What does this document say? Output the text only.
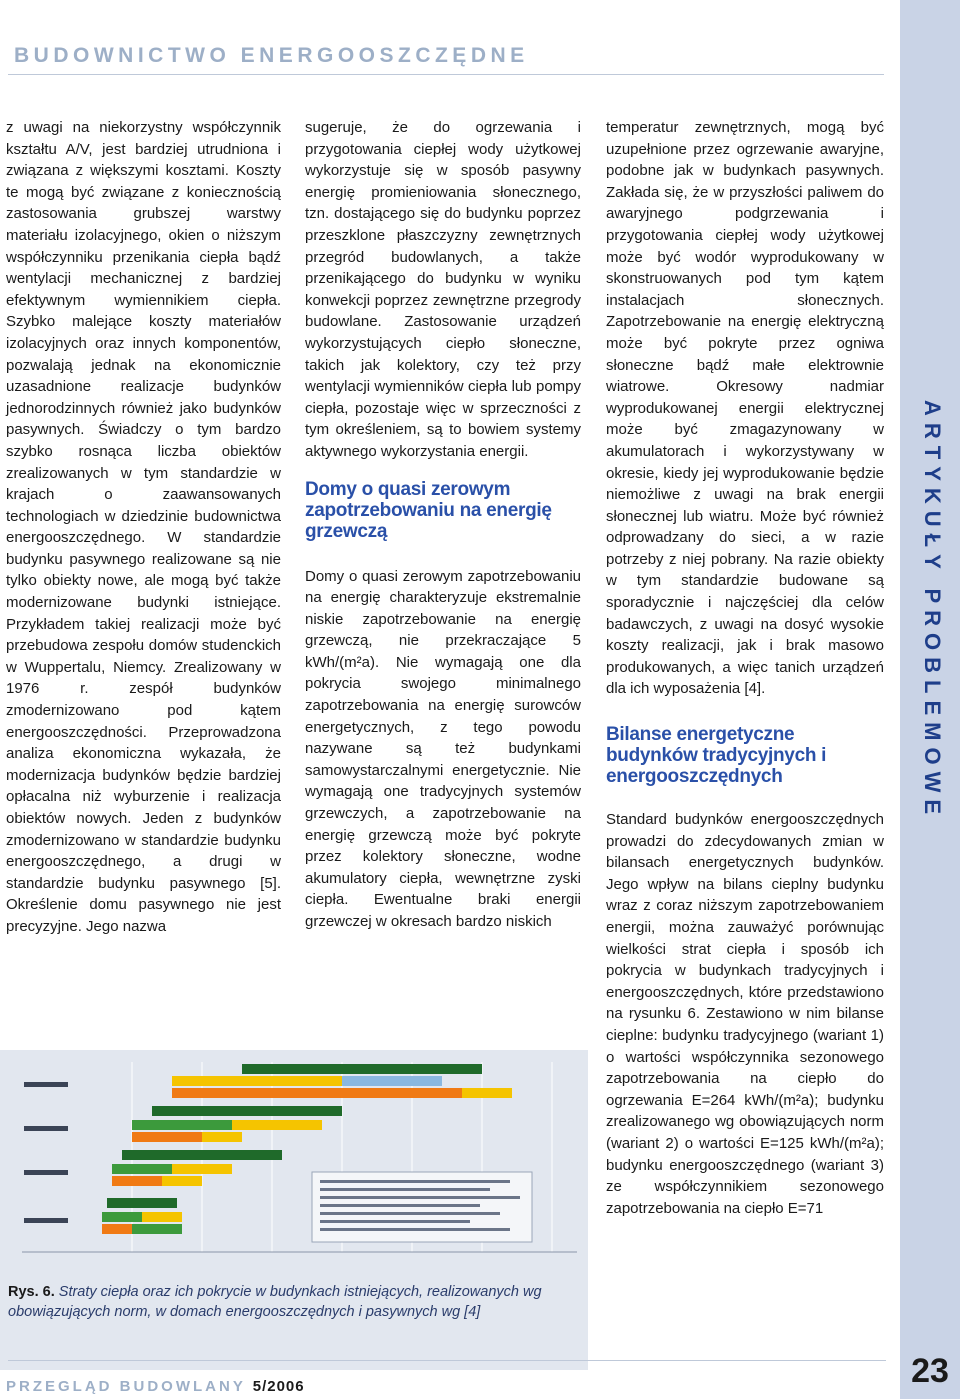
BUDOWNICTWO ENERGOOSZCZĘDNE
ARTYKUŁY PROBLEMOWE

z uwagi na niekorzystny współczynnik kształtu A/V, jest bardziej utrudniona i związana z większymi kosztami. Koszty te mogą być związane z koniecznością zastosowania grubszej warstwy materiału izolacyjnego, okien o niższym współczynniku przenikania ciepła bądź wentylacji mechanicznej z bardziej efektywnym wymiennikiem ciepła. Szybko malejące koszty materiałów izolacyjnych oraz innych komponentów, pozwalają jednak na ekonomicznie uzasadnione realizacje budynków jednorodzinnych również jako budynków pasywnych. Świadczy o tym bardzo szybko rosnąca liczba obiektów zrealizowanych w tym standardzie w krajach o zaawansowanych technologiach w dziedzinie budownictwa energooszczędnego. W standardzie budynku pasywnego realizowane są nie tylko obiekty nowe, ale mogą być także modernizowane budynki istniejące. Przykładem takiej realizacji może być przebudowa zespołu domów studenckich w Wuppertalu, Niemcy. Zrealizowany w 1976 r. zespół budynków zmodernizowano pod kątem energooszczędności. Przeprowadzona analiza ekonomiczna wykazała, że modernizacja budynków będzie bardziej opłacalna niż wyburzenie i realizacja obiektów nowych. Jeden z budynków zmodernizowano w standardzie budynku energooszczędnego, a drugi w standardzie budynku pasywnego [5]. Określenie domu pasywnego nie jest precyzyjne. Jego nazwa

sugeruje, że do ogrzewania i przygotowania ciepłej wody użytkowej wykorzystuje się w sposób pasywny energię promieniowania słonecznego, tzn. dostającego się do budynku poprzez przeszklone płaszczyzny zewnętrznych przegród budowlanych, a także przenikającego do budynku w wyniku konwekcji poprzez zewnętrzne przegrody budowlane. Zastosowanie urządzeń wykorzystujących ciepło słoneczne, takich jak kolektory, czy też przy wentylacji wymienników ciepła lub pompy ciepła, pozostaje więc w sprzeczności z tym określeniem, są to bowiem systemy aktywnego wykorzystania energii.

Domy o quasi zerowym zapotrzebowaniu na energię grzewczą

Domy o quasi zerowym zapotrzebowaniu na energię charakteryzuje ekstremalnie niskie zapotrzebowanie na energię grzewczą, nie przekraczające 5 kWh/(m²a). Nie wymagają one dla pokrycia swojego minimalnego zapotrzebowania na energię surowców energetycznych, z tego powodu nazywane są też budynkami samowystarczalnymi energetycznie. Nie wymagają one tradycyjnych systemów grzewczych, a zapotrzebowanie na energię grzewczą może być pokryte przez kolektory słoneczne, wodne akumulatory ciepła, wewnętrzne zyski ciepła. Ewentualne braki energii grzewczej w okresach bardzo niskich

temperatur zewnętrznych, mogą być uzupełnione przez ogrzewanie awaryjne, podobne jak w budynkach pasywnych. Zakłada się, że w przyszłości paliwem do awaryjnego podgrzewania i przygotowania ciepłej wody użytkowej może być wodór wyprodukowany w skonstruowanych pod tym kątem instalacjach słonecznych. Zapotrzebowanie na energię elektryczną może być pokryte przez ogniwa słoneczne bądź małe elektrownie wiatrowe. Okresowy nadmiar wyprodukowanej energii elektrycznej może być zmagazynowany w akumulatorach i wykorzystywany w okresie, kiedy jej wyprodukowanie będzie niemożliwe z uwagi na brak energii słonecznej lub wiatru. Może być również odprowadzany do sieci, a w razie potrzeby z niej pobrany. Na razie obiekty w tym standardzie budowane są sporadycznie i najczęściej dla celów badawczych, z uwagi na dosyć wysokie koszty realizacji, jak i brak masowo produkowanych, a więc tanich urządzeń dla ich wyposażenia [4].

Bilanse energetyczne budynków tradycyjnych i energooszczędnych

Standard budynków energooszczędnych prowadzi do zdecydowanych zmian w bilansach energetycznych budynków. Jego wpływ na bilans cieplny budynku wraz z coraz niższym zapotrzebowaniem energii, można zauważyć porównując wielkości strat ciepła i sposób ich pokrycia w budynkach tradycyjnych i energooszczędnych, które przedstawiono na rysunku 6. Zestawiono w nim bilanse cieplne: budynku tradycyjnego (wariant 1) o wartości współczynnika sezonowego zapotrzebowania na ciepło do ogrzewania E=264 kWh/(m²a); budynku zrealizowanego wg obowiązujących norm (wariant 2) o wartości E=125 kWh/(m²a); budynku energooszczędnego (wariant 3) ze współczynnikiem sezonowego zapotrzebowania na ciepło E=71

Rys. 6. Straty ciepła oraz ich pokrycie w budynkach istniejących, realizowanych wg obowiązujących norm, w domach energooszczędnych i pasywnych wg [4]
PRZEGLĄD BUDOWLANY 5/2006	23
